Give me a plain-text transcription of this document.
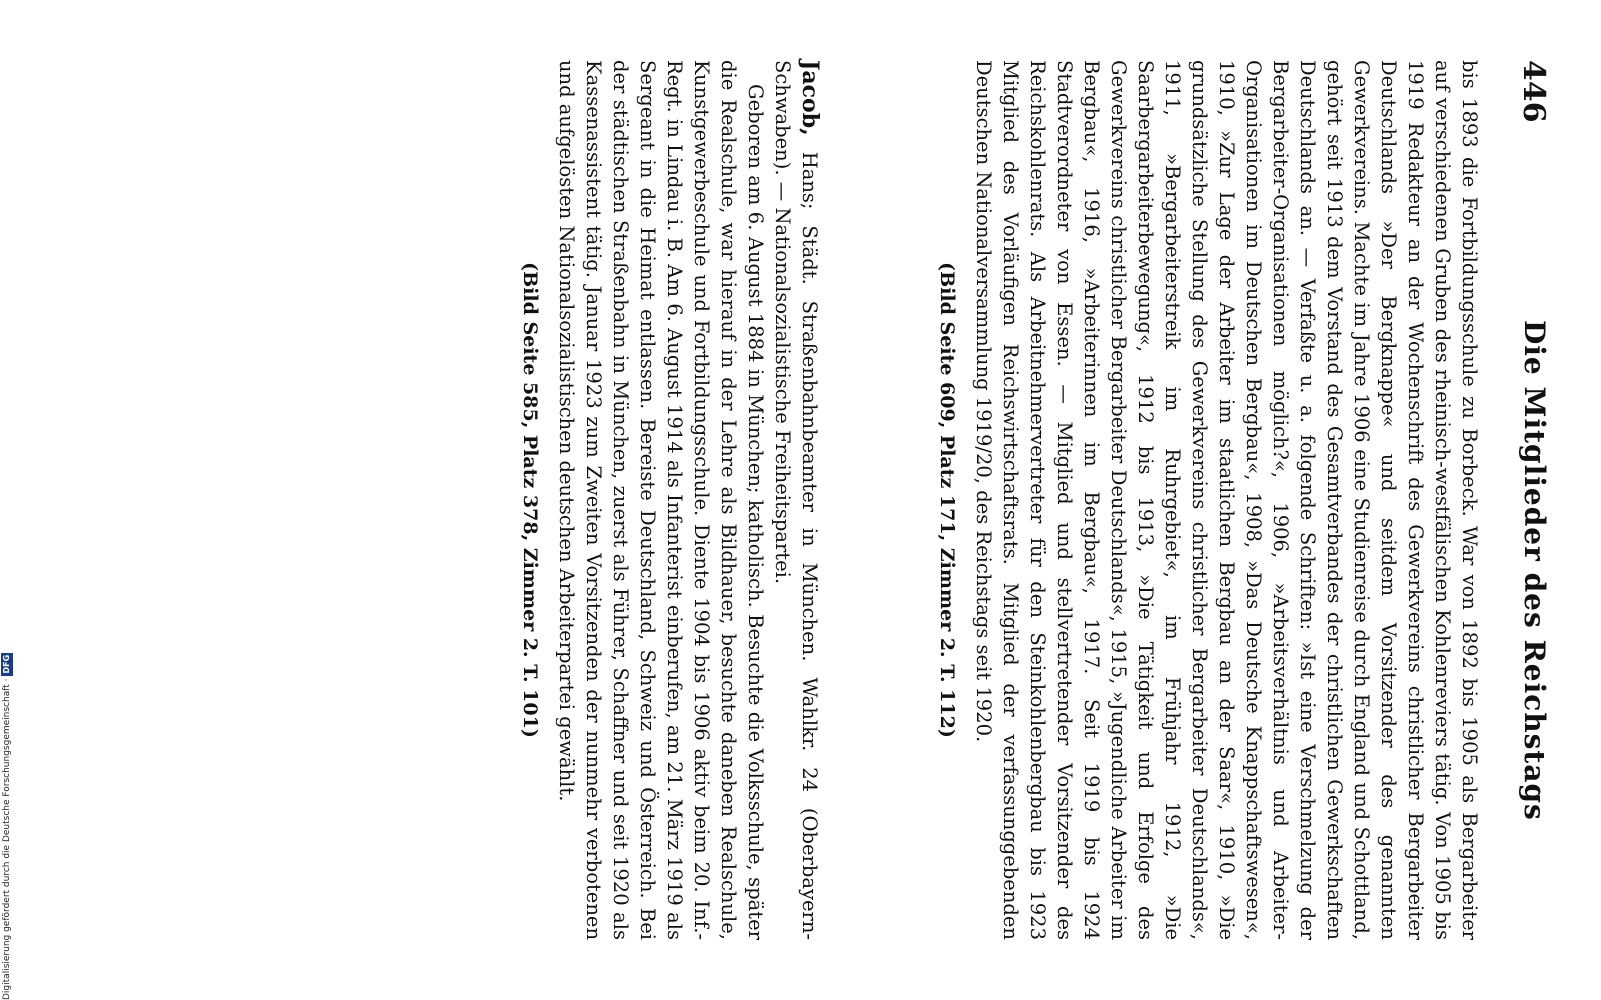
446
Die Mitglieder des Reichstags

bis 1893 die Fortbildungsschule zu Borbeck. War von 1892 bis 1905 als Bergarbeiter auf verschiedenen Gruben des rheinisch-westfälischen Kohlenreviers tätig. Von 1905 bis 1919 Redakteur an der Wochenschrift des Gewerkvereins christlicher Bergarbeiter Deutschlands »Der Bergknappe« und seitdem Vorsitzender des genannten Gewerkvereins. Machte im Jahre 1906 eine Studienreise durch England und Schottland, gehört seit 1913 dem Vorstand des Gesamtverbandes der christlichen Gewerkschaften Deutschlands an. — Verfaßte u. a. folgende Schriften: »Ist eine Verschmelzung der Bergarbeiter-Organisationen möglich?«, 1906, »Arbeitsverhältnis und Arbeiter-Organisationen im Deutschen Bergbau«, 1908, »Das Deutsche Knappschaftswesen«, 1910, »Zur Lage der Arbeiter im staatlichen Bergbau an der Saar«, 1910, »Die grundsätzliche Stellung des Gewerkvereins christlicher Bergarbeiter Deutschlands«, 1911, »Bergarbeiterstreik im Ruhrgebiet«, im Frühjahr 1912, »Die Saarbergarbeiterbewegung«, 1912 bis 1913, »Die Tätigkeit und Erfolge des Gewerkvereins christlicher Bergarbeiter Deutschlands«, 1915, »Jugendliche Arbeiter im Bergbau«, 1916, »Arbeiterinnen im Bergbau«, 1917. Seit 1919 bis 1924 Stadtverordneter von Essen. — Mitglied und stellvertretender Vorsitzender des Reichskohlenrats. Als Arbeitnehmervertreter für den Steinkohlenbergbau bis 1923 Mitglied des Vorläufigen Reichswirtschaftsrats. Mitglied der verfassunggebenden Deutschen Nationalversammlung 1919/20, des Reichstags seit 1920.

(Bild Seite 609, Platz 171, Zimmer 2. T. 112)

Jacob, Hans; Städt. Straßenbahnbeamter in München. Wahlkr. 24 (Oberbayern-Schwaben). — Nationalsozialistische Freiheitspartei.

Geboren am 6. August 1884 in München; katholisch. Besuchte die Volksschule, später die Realschule, war hierauf in der Lehre als Bildhauer, besuchte daneben Realschule, Kunstgewerbeschule und Fortbildungsschule. Diente 1904 bis 1906 aktiv beim 20. Inf.-Regt. in Lindau i. B. Am 6. August 1914 als Infanterist einberufen, am 21. März 1919 als Sergeant in die Heimat entlassen. Bereiste Deutschland, Schweiz und Österreich. Bei der städtischen Straßenbahn in München, zuerst als Führer, Schaffner und seit 1920 als Kassenassistent tätig. Januar 1923 zum Zweiten Vorsitzenden der nunmehr verbotenen und aufgelösten Nationalsozialistischen deutschen Arbeiterpartei gewählt.

(Bild Seite 585, Platz 378, Zimmer 2. T. 101)
Digitalisierung gefördert durch die Deutsche Forschungsgemeinschaft ·DFG
